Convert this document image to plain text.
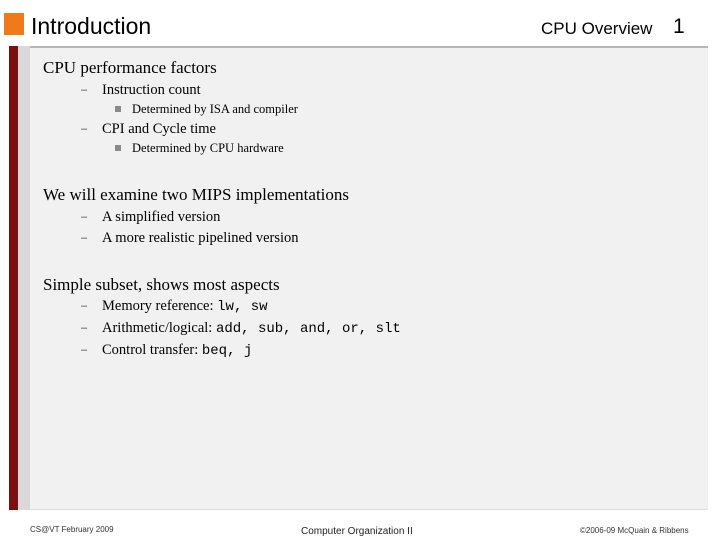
Introduction	CPU Overview 1

CPU performance factors

– Instruction count

Determined by ISA and compiler

– CPI and Cycle time

Determined by CPU hardware

We will examine two MIPS implementations

– A simplified version

– A more realistic pipelined version

Simple subset, shows most aspects

– Memory reference: lw, sw

– Arithmetic/logical: add, sub, and, or, slt

– Control transfer: beq, j

CS@VT February 2009	Computer Organization II	©2006-09 McQuain & Ribbens
